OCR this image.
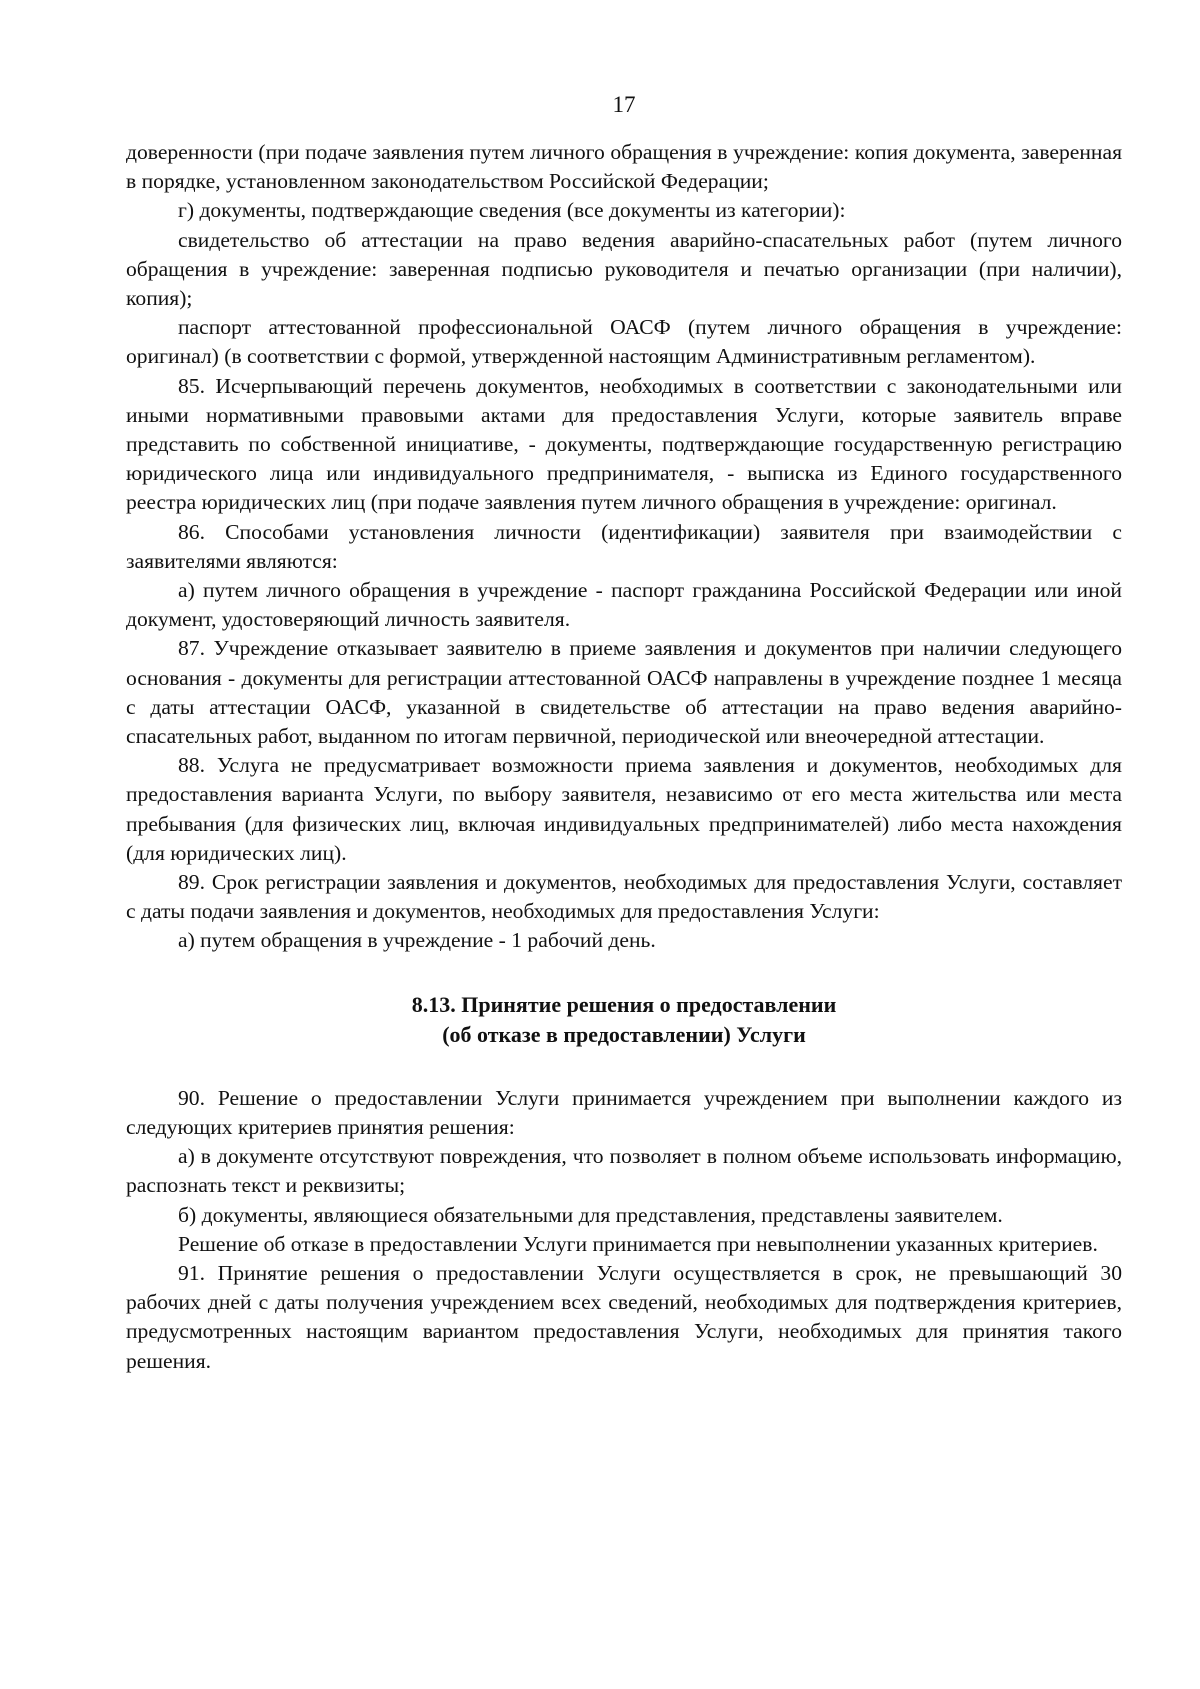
17

доверенности (при подаче заявления путем личного обращения в учреждение: копия документа, заверенная в порядке, установленном законодательством Российской Федерации;

г) документы, подтверждающие сведения (все документы из категории):

свидетельство об аттестации на право ведения аварийно-спасательных работ (путем личного обращения в учреждение: заверенная подписью руководителя и печатью организации (при наличии), копия);

паспорт аттестованной профессиональной ОАСФ (путем личного обращения в учреждение: оригинал) (в соответствии с формой, утвержденной настоящим Административным регламентом).

85. Исчерпывающий перечень документов, необходимых в соответствии с законодательными или иными нормативными правовыми актами для предоставления Услуги, которые заявитель вправе представить по собственной инициативе, - документы, подтверждающие государственную регистрацию юридического лица или индивидуального предпринимателя, - выписка из Единого государственного реестра юридических лиц (при подаче заявления путем личного обращения в учреждение: оригинал.

86. Способами установления личности (идентификации) заявителя при взаимодействии с заявителями являются:

а) путем личного обращения в учреждение - паспорт гражданина Российской Федерации или иной документ, удостоверяющий личность заявителя.

87. Учреждение отказывает заявителю в приеме заявления и документов при наличии следующего основания - документы для регистрации аттестованной ОАСФ направлены в учреждение позднее 1 месяца с даты аттестации ОАСФ, указанной в свидетельстве об аттестации на право ведения аварийно-спасательных работ, выданном по итогам первичной, периодической или внеочередной аттестации.

88. Услуга не предусматривает возможности приема заявления и документов, необходимых для предоставления варианта Услуги, по выбору заявителя, независимо от его места жительства или места пребывания (для физических лиц, включая индивидуальных предпринимателей) либо места нахождения (для юридических лиц).

89. Срок регистрации заявления и документов, необходимых для предоставления Услуги, составляет с даты подачи заявления и документов, необходимых для предоставления Услуги:

а) путем обращения в учреждение - 1 рабочий день.

8.13. Принятие решения о предоставлении
(об отказе в предоставлении) Услуги

90. Решение о предоставлении Услуги принимается учреждением при выполнении каждого из следующих критериев принятия решения:

а) в документе отсутствуют повреждения, что позволяет в полном объеме использовать информацию, распознать текст и реквизиты;

б) документы, являющиеся обязательными для представления, представлены заявителем.

Решение об отказе в предоставлении Услуги принимается при невыполнении указанных критериев.

91. Принятие решения о предоставлении Услуги осуществляется в срок, не превышающий 30 рабочих дней с даты получения учреждением всех сведений, необходимых для подтверждения критериев, предусмотренных настоящим вариантом предоставления Услуги, необходимых для принятия такого решения.
